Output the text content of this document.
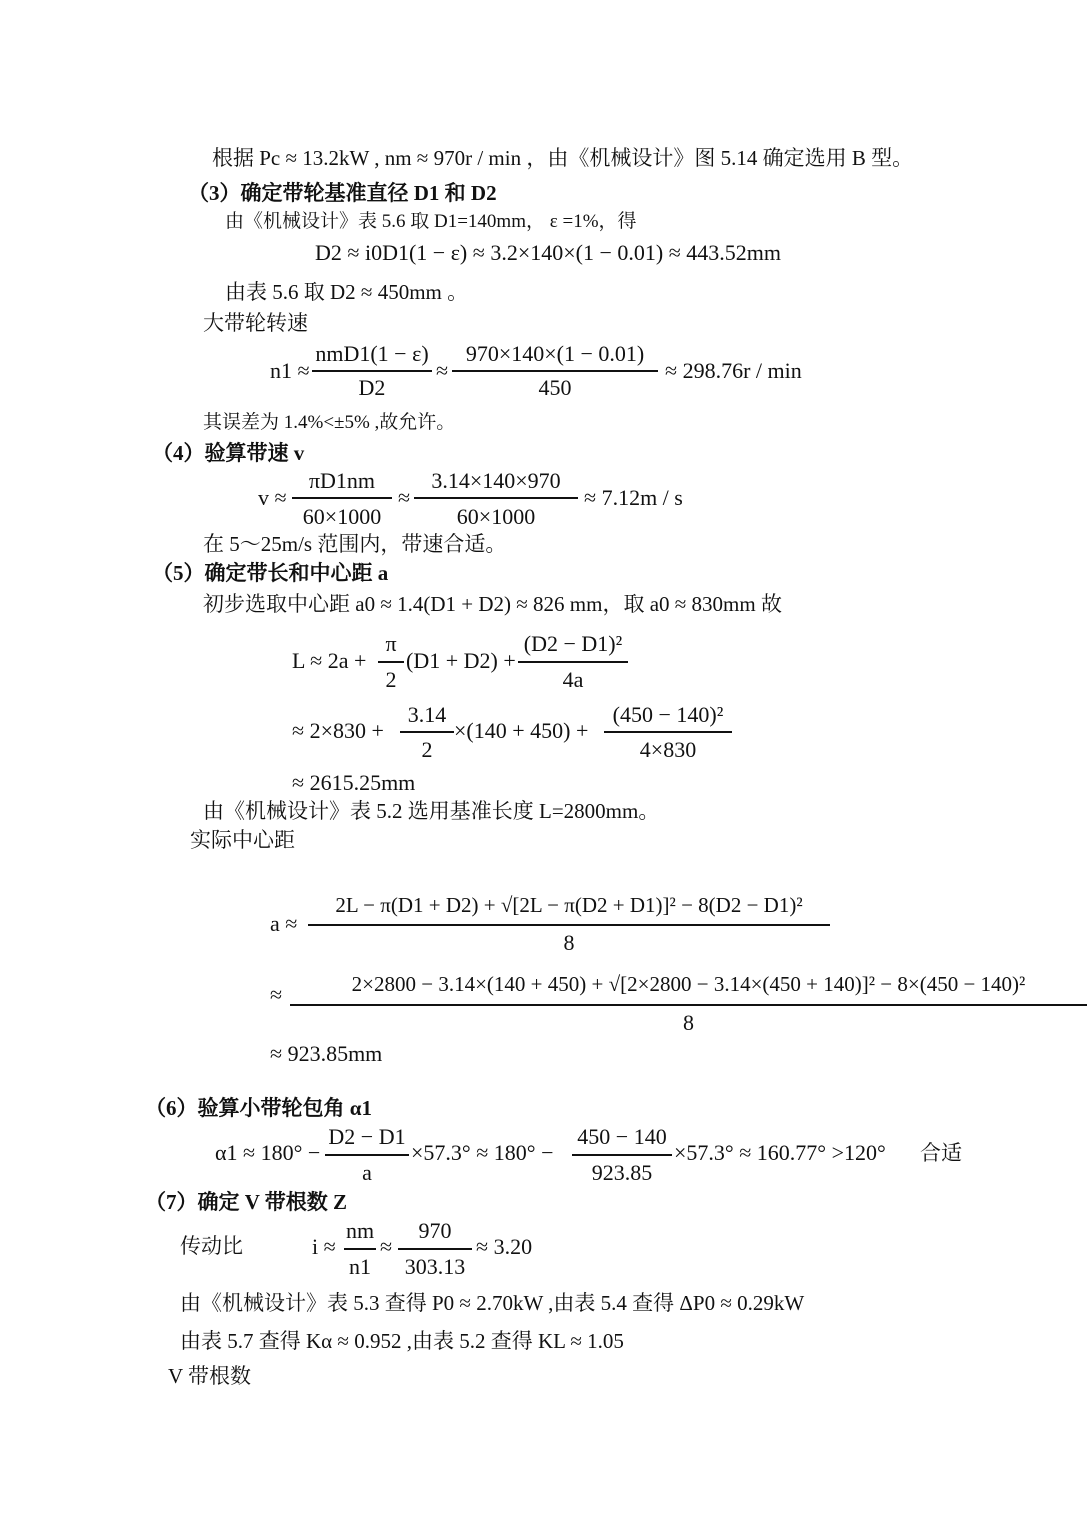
根据 Pc ≈ 13.2kW , nm ≈ 970r / min ，由《机械设计》图 5.14 确定选用 B 型。
（3）确定带轮基准直径 D1 和 D2
由《机械设计》表 5.6 取 D1=140mm， ε =1%，得
D2 ≈ i0D1(1 − ε) ≈ 3.2×140×(1 − 0.01) ≈ 443.52mm
由表 5.6 取 D2 ≈ 450mm 。
大带轮转速
n1 ≈
nmD1(1 − ε)
D2
≈
970×140×(1 − 0.01)
450
≈ 298.76r / min
其误差为 1.4%<±5% ,故允许。
（4）验算带速 v
v ≈
πD1nm
60×1000
≈
3.14×140×970
60×1000
≈ 7.12m / s
在 5～25m/s 范围内，带速合适。
（5）确定带长和中心距 a
初步选取中心距 a0 ≈ 1.4(D1 + D2) ≈ 826 mm，取 a0 ≈ 830mm 故
L ≈ 2a +
π
2
(D1 + D2) +
(D2 − D1)²
4a
≈ 2×830 +
3.14
2
×(140 + 450) +
(450 − 140)²
4×830
≈ 2615.25mm
由《机械设计》表 5.2 选用基准长度 L=2800mm。
实际中心距
a ≈
2L − π(D1 + D2) + √[2L − π(D2 + D1)]² − 8(D2 − D1)²
8
≈	2×2800 − 3.14×(140 + 450) + √[2×2800 − 3.14×(450 + 140)]² − 8×(450 − 140)²
8
≈ 923.85mm
（6）验算小带轮包角 α1
α1 ≈ 180° −
D2 − D1
a
×57.3° ≈ 180° −
450 − 140
923.85
×57.3° ≈ 160.77° >120° 合适
（7）确定 V 带根数 Z
传动比	i ≈
nm
n1
≈
970
303.13
≈ 3.20
由《机械设计》表 5.3 查得 P0 ≈ 2.70kW ,由表 5.4 查得 ΔP0 ≈ 0.29kW
由表 5.7 查得 Kα ≈ 0.952 ,由表 5.2 查得 KL ≈ 1.05
V 带根数
